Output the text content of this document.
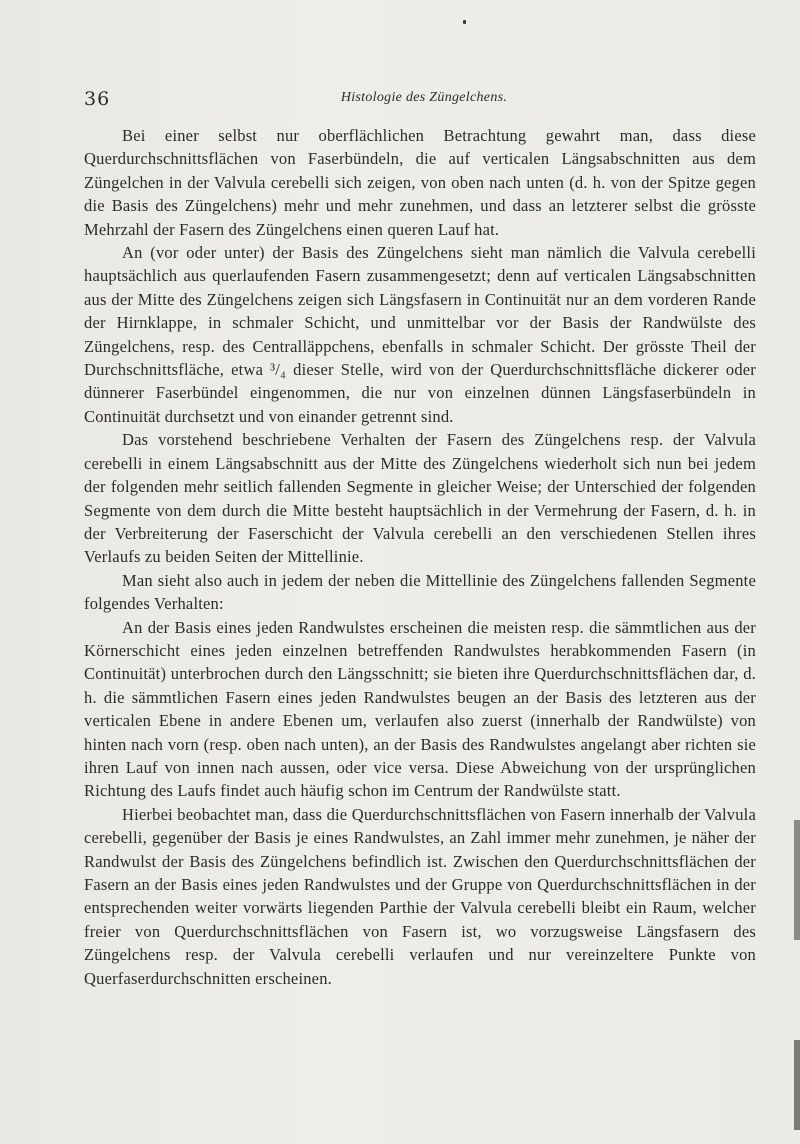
36	Histologie des Züngelchens.

Bei einer selbst nur oberflächlichen Betrachtung gewahrt man, dass diese Querdurchschnittsflächen von Faserbündeln, die auf verticalen Längsabschnitten aus dem Züngelchen in der Valvula cerebelli sich zeigen, von oben nach unten (d. h. von der Spitze gegen die Basis des Züngelchens) mehr und mehr zunehmen, und dass an letzterer selbst die grösste Mehrzahl der Fasern des Züngelchens einen queren Lauf hat.

An (vor oder unter) der Basis des Züngelchens sieht man nämlich die Valvula cerebelli hauptsächlich aus querlaufenden Fasern zusammengesetzt; denn auf verticalen Längsabschnitten aus der Mitte des Züngelchens zeigen sich Längsfasern in Continuität nur an dem vorderen Rande der Hirnklappe, in schmaler Schicht, und unmittelbar vor der Basis der Randwülste des Züngelchens, resp. des Centralläppchens, ebenfalls in schmaler Schicht. Der grösste Theil der Durchschnittsfläche, etwa ³/₄ dieser Stelle, wird von der Querdurchschnittsfläche dickerer oder dünnerer Faserbündel eingenommen, die nur von einzelnen dünnen Längsfaserbündeln in Continuität durchsetzt und von einander getrennt sind.

Das vorstehend beschriebene Verhalten der Fasern des Züngelchens resp. der Valvula cerebelli in einem Längsabschnitt aus der Mitte des Züngelchens wiederholt sich nun bei jedem der folgenden mehr seitlich fallenden Segmente in gleicher Weise; der Unterschied der folgenden Segmente von dem durch die Mitte besteht hauptsächlich in der Vermehrung der Fasern, d. h. in der Verbreiterung der Faserschicht der Valvula cerebelli an den verschiedenen Stellen ihres Verlaufs zu beiden Seiten der Mittellinie.

Man sieht also auch in jedem der neben die Mittellinie des Züngelchens fallenden Segmente folgendes Verhalten:

An der Basis eines jeden Randwulstes erscheinen die meisten resp. die sämmtlichen aus der Körnerschicht eines jeden einzelnen betreffenden Randwulstes herabkommenden Fasern (in Continuität) unterbrochen durch den Längsschnitt; sie bieten ihre Querdurchschnittsflächen dar, d. h. die sämmtlichen Fasern eines jeden Randwulstes beugen an der Basis des letzteren aus der verticalen Ebene in andere Ebenen um, verlaufen also zuerst (innerhalb der Randwülste) von hinten nach vorn (resp. oben nach unten), an der Basis des Randwulstes angelangt aber richten sie ihren Lauf von innen nach aussen, oder vice versa. Diese Abweichung von der ursprünglichen Richtung des Laufs findet auch häufig schon im Centrum der Randwülste statt.

Hierbei beobachtet man, dass die Querdurchschnittsflächen von Fasern innerhalb der Valvula cerebelli, gegenüber der Basis je eines Randwulstes, an Zahl immer mehr zunehmen, je näher der Randwulst der Basis des Züngelchens befindlich ist. Zwischen den Querdurchschnittsflächen der Fasern an der Basis eines jeden Randwulstes und der Gruppe von Querdurchschnittsflächen in der entsprechenden weiter vorwärts liegenden Parthie der Valvula cerebelli bleibt ein Raum, welcher freier von Querdurchschnittsflächen von Fasern ist, wo vorzugsweise Längsfasern des Züngelchens resp. der Valvula cerebelli verlaufen und nur vereinzeltere Punkte von Querfaserdurchschnitten erscheinen.
